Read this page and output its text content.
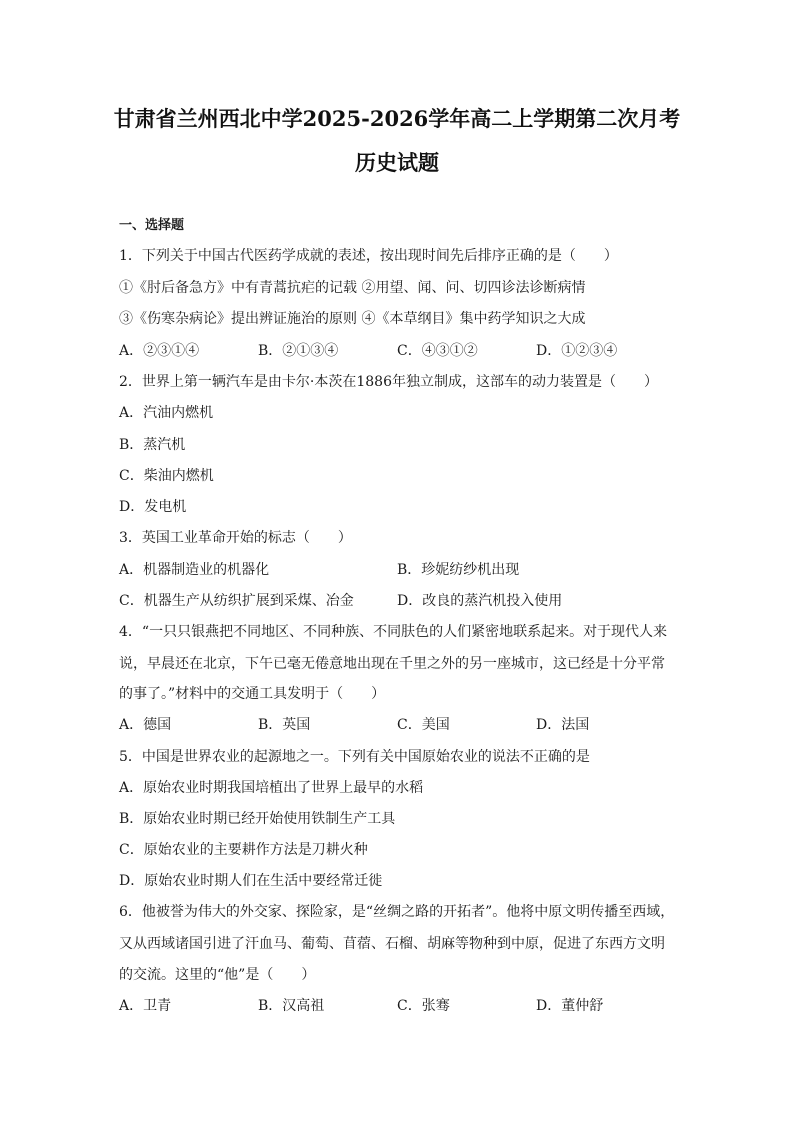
甘肃省兰州西北中学2025-2026学年高二上学期第二次月考
历史试题
一、选择题
1．下列关于中国古代医药学成就的表述，按出现时间先后排序正确的是（　　）
①《肘后备急方》中有青蒿抗疟的记载 ②用望、闻、问、切四诊法诊断病情
③《伤寒杂病论》提出辨证施治的原则 ④《本草纲目》集中药学知识之大成
A．②③①④	B．②①③④	C．④③①②	D．①②③④
2．世界上第一辆汽车是由卡尔·本茨在1886年独立制成，这部车的动力装置是（　　）
A．汽油内燃机
B．蒸汽机
C．柴油内燃机
D．发电机
3．英国工业革命开始的标志（　　）
A．机器制造业的机器化	B．珍妮纺纱机出现
C．机器生产从纺织扩展到采煤、冶金	D．改良的蒸汽机投入使用
4．“一只只银燕把不同地区、不同种族、不同肤色的人们紧密地联系起来。对于现代人来
说，早晨还在北京，下午已毫无倦意地出现在千里之外的另一座城市，这已经是十分平常
的事了。”材料中的交通工具发明于（　　）
A．德国	B．英国	C．美国	D．法国
5．中国是世界农业的起源地之一。下列有关中国原始农业的说法不正确的是
A．原始农业时期我国培植出了世界上最早的水稻
B．原始农业时期已经开始使用铁制生产工具
C．原始农业的主要耕作方法是刀耕火种
D．原始农业时期人们在生活中要经常迁徙
6．他被誉为伟大的外交家、探险家，是“丝绸之路的开拓者”。他将中原文明传播至西域，
又从西域诸国引进了汗血马、葡萄、苜蓿、石榴、胡麻等物种到中原，促进了东西方文明
的交流。这里的“他”是（　　）
A．卫青	B．汉高祖	C．张骞	D．董仲舒
